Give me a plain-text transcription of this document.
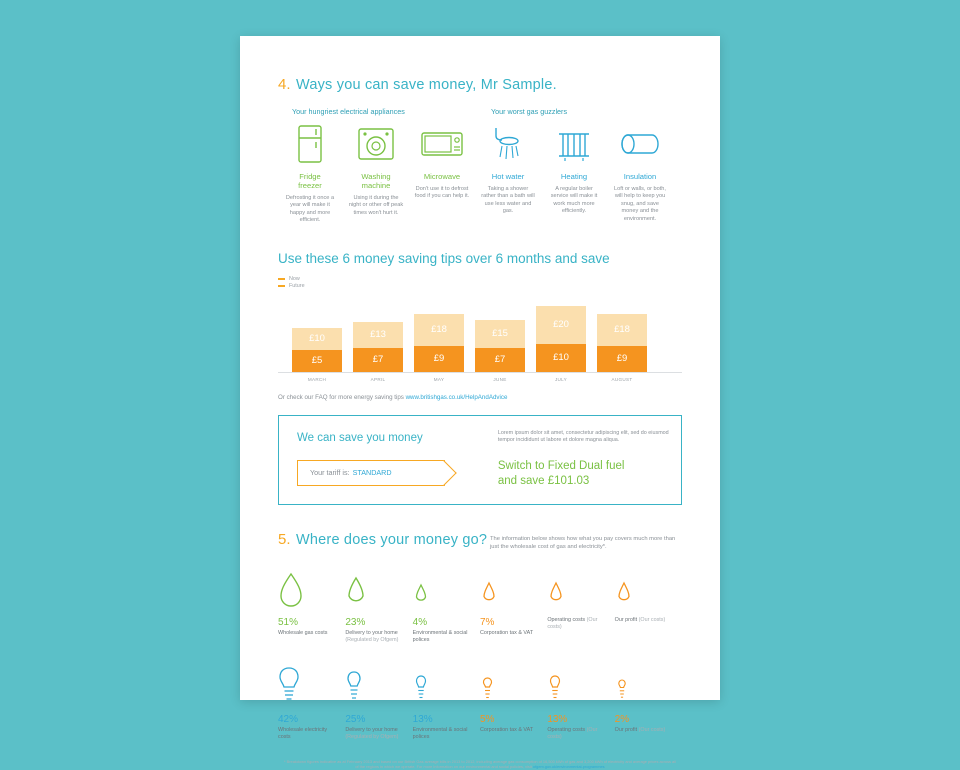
4. Ways you can save money, Mr Sample.
Your hungriest electrical appliances	Your worst gas guzzlers
Fridge
freezer
Defrosting it once a year will make it happy and more efficient.
Washing
machine
Using it during the night or other off peak times won't hurt it.
Microwave
Don't use it to defrost food if you can help it.
Hot water
Taking a shower rather than a bath will use less water and gas.
Heating
A regular boiler service will make it work much more efficiently.
Insulation
Loft or walls, or both, will help to keep you snug, and save money and the environment.
Use these 6 money saving tips over 6 months and save
Now
Future
£10
£5
£13
£7
£18
£9
£15
£7
£20
£10
£18
£9
MARCH	APRIL	MAY	JUNE	JULY	AUGUST
Or check our FAQ for more energy saving tips www.britishgas.co.uk/HelpAndAdvice
We can save you money
Your tariff is: STANDARD
Lorem ipsum dolor sit amet, consectetur adipiscing elit, sed do eiusmod tempor incididunt ut labore et dolore magna aliqua.
Switch to Fixed Dual fuel
and save £101.03
5. Where does your money go? The information below shows how what you pay covers much more than just the wholesale cost of gas and electricity*.
51%
Wholesale gas costs
23%
Delivery to your home (Regulated by Ofgem)
4%
Environmental & social polices
7%
Corporation tax & VAT
Operating costs (Our costs)
Our profit (Our costs)
42%
Wholesale electricity costs
25%
Delivery to your home (Regulated by Ofgem)
13%
Environmental & social polices
5%
Corporation tax & VAT
13%
Operating costs (Our costs)
2%
Our profit (Our costs)
* Breakdown figures indicative as at February 2013 and based on our British Gas average bills in 2013 to 2012, including average gas consumption of 16,500 kWh of gas and 3,200 kWh of electricity and average prices across all of the regions in which we operate. For more information on our environmental and social policies, visit ofgem.gov.uk/environmental-programmes
